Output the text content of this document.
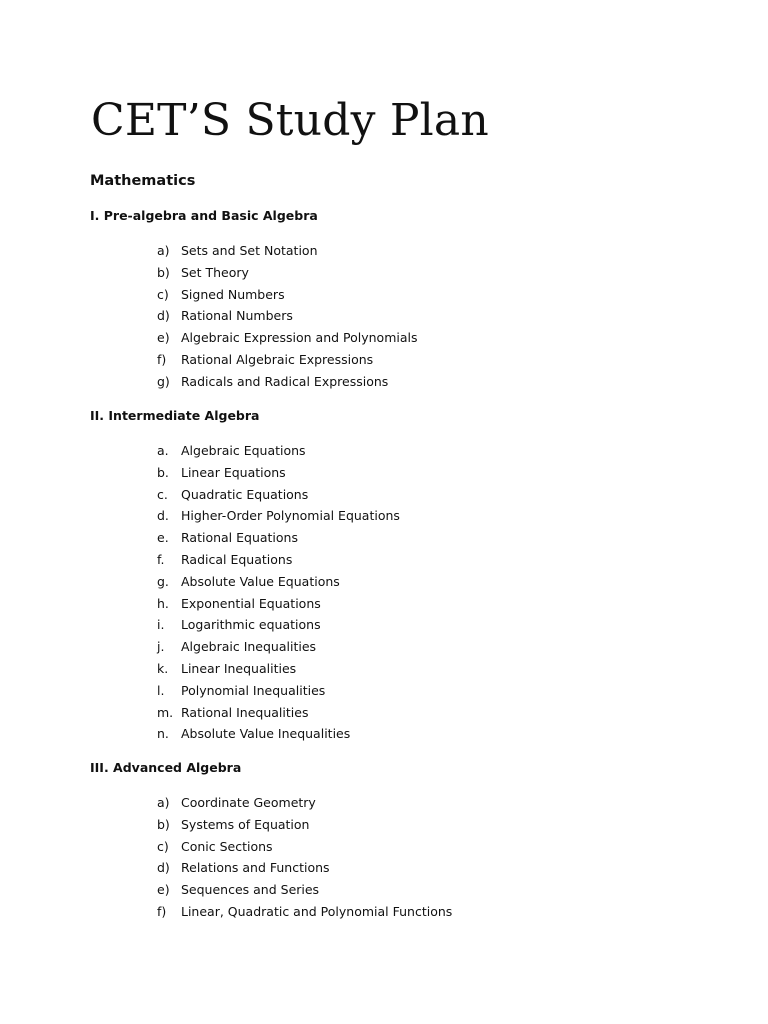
CET’S Study Plan
Mathematics
I. Pre-algebra and Basic Algebra
a) Sets and Set Notation
b) Set Theory
c) Signed Numbers
d) Rational Numbers
e) Algebraic Expression and Polynomials
f)	Rational Algebraic Expressions
g) Radicals and Radical Expressions
II. Intermediate Algebra
a. Algebraic Equations
b. Linear Equations
c.	Quadratic Equations
d. Higher-Order Polynomial Equations
e. Rational Equations
f.	Radical Equations
g. Absolute Value Equations
h. Exponential Equations
i.	Logarithmic equations
j.	Algebraic Inequalities
k.	Linear Inequalities
l.	Polynomial Inequalities
m. Rational Inequalities
n. Absolute Value Inequalities
III. Advanced Algebra
a) Coordinate Geometry
b) Systems of Equation
c) Conic Sections
d) Relations and Functions
e) Sequences and Series
f)	Linear, Quadratic and Polynomial Functions
